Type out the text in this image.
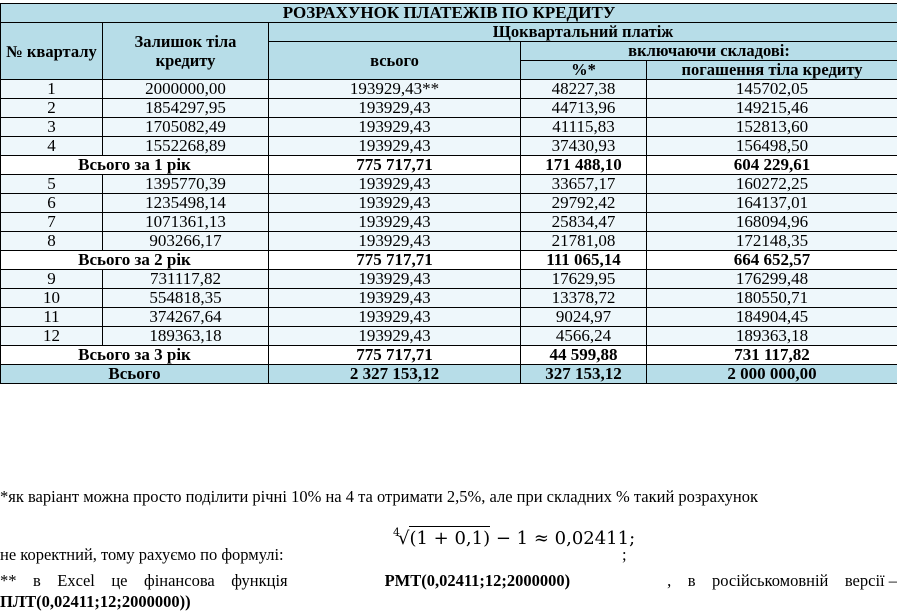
РОЗРАХУНОК ПЛАТЕЖІВ ПО КРЕДИТУ				
№ кварталу	Залишок тіла кредиту	Щоквартальний платіж		
		всього	включаючи складові:	
			%*	погашення тіла кредиту
1	2000000,00	193929,43**	48227,38	145702,05
2	1854297,95	193929,43	44713,96	149215,46
3	1705082,49	193929,43	41115,83	152813,60
4	1552268,89	193929,43	37430,93	156498,50
Всього за 1 рік		775 717,71	171 488,10	604 229,61
5	1395770,39	193929,43	33657,17	160272,25
6	1235498,14	193929,43	29792,42	164137,01
7	1071361,13	193929,43	25834,47	168094,96
8	903266,17	193929,43	21781,08	172148,35
Всього за 2 рік		775 717,71	111 065,14	664 652,57
9	731117,82	193929,43	17629,95	176299,48
10	554818,35	193929,43	13378,72	180550,71
11	374267,64	193929,43	9024,97	184904,45
12	189363,18	193929,43	4566,24	189363,18
Всього за 3 рік		775 717,71	44 599,88	731 117,82
Всього		2 327 153,12	327 153,12	2 000 000,00
*як варіант можна просто поділити річні 10% на 4 та отримати 2,5%, але при складних % такий розрахунок
$^4$√(1 + 0,1) − 1 ≈ 0,02411;
не коректний, тому рахуємо по формулі:	;
**    в    Excel    це    фінансова    функція	PMT(0,02411;12;2000000)	,    в    російськомовній    версії –
ПЛТ(0,02411;12;2000000))
